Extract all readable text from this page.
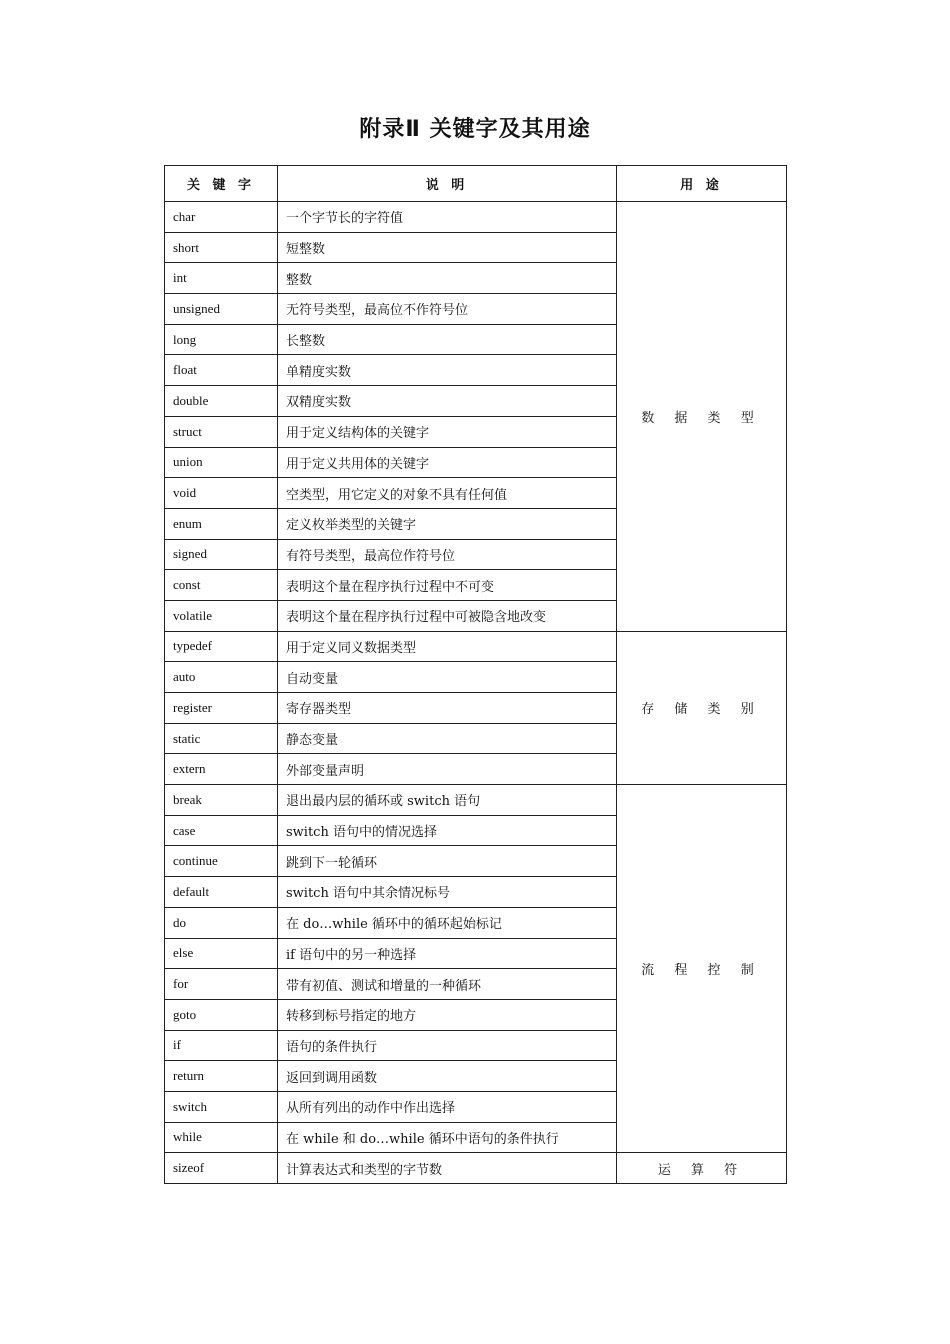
附录Ⅱ 关键字及其用途
关 键 字	说 明	用 途
char	一个字节长的字符值	数 据 类 型
short	短整数	
int	整数	
unsigned	无符号类型，最高位不作符号位	
long	长整数	
float	单精度实数	
double	双精度实数	
struct	用于定义结构体的关键字	
union	用于定义共用体的关键字	
void	空类型，用它定义的对象不具有任何值	
enum	定义枚举类型的关键字	
signed	有符号类型，最高位作符号位	
const	表明这个量在程序执行过程中不可变	
volatile	表明这个量在程序执行过程中可被隐含地改变	
typedef	用于定义同义数据类型	存 储 类 别
auto	自动变量	
register	寄存器类型	
static	静态变量	
extern	外部变量声明	
break	退出最内层的循环或 switch 语句	流 程 控 制
case	switch 语句中的情况选择	
continue	跳到下一轮循环	
default	switch 语句中其余情况标号	
do	在 do…while 循环中的循环起始标记	
else	if 语句中的另一种选择	
for	带有初值、测试和增量的一种循环	
goto	转移到标号指定的地方	
if	语句的条件执行	
return	返回到调用函数	
switch	从所有列出的动作中作出选择	
while	在 while 和 do…while 循环中语句的条件执行	
sizeof	计算表达式和类型的字节数	运 算 符
